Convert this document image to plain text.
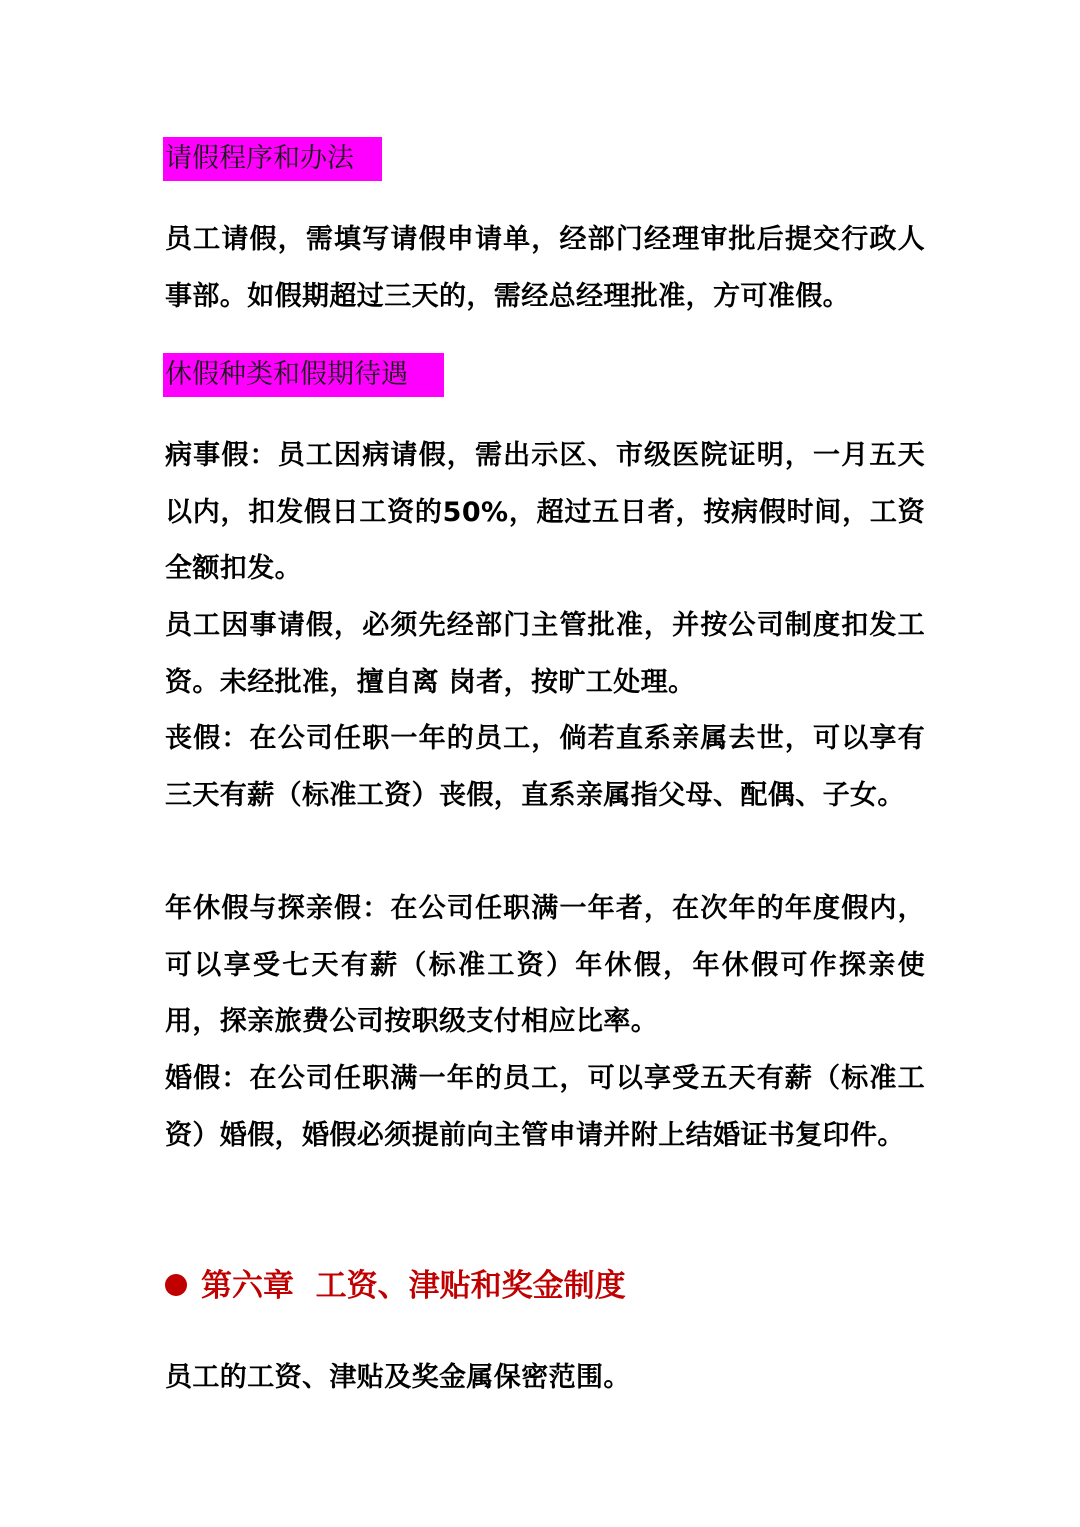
请假程序和办法

员工请假，需填写请假申请单，经部门经理审批后提交行政人事部。如假期超过三天的，需经总经理批准，方可准假。

休假种类和假期待遇

病事假：员工因病请假，需出示区、市级医院证明，一月五天以内，扣发假日工资的50%，超过五日者，按病假时间，工资全额扣发。

员工因事请假，必须先经部门主管批准，并按公司制度扣发工资。未经批准，擅自离 岗者，按旷工处理。

丧假：在公司任职一年的员工，倘若直系亲属去世，可以享有三天有薪（标准工资）丧假，直系亲属指父母、配偶、子女。

年休假与探亲假：在公司任职满一年者，在次年的年度假内，可以享受七天有薪（标准工资）年休假，年休假可作探亲使用，探亲旅费公司按职级支付相应比率。

婚假：在公司任职满一年的员工，可以享受五天有薪（标准工资）婚假，婚假必须提前向主管申请并附上结婚证书复印件。

第六章  工资、津贴和奖金制度

员工的工资、津贴及奖金属保密范围。
